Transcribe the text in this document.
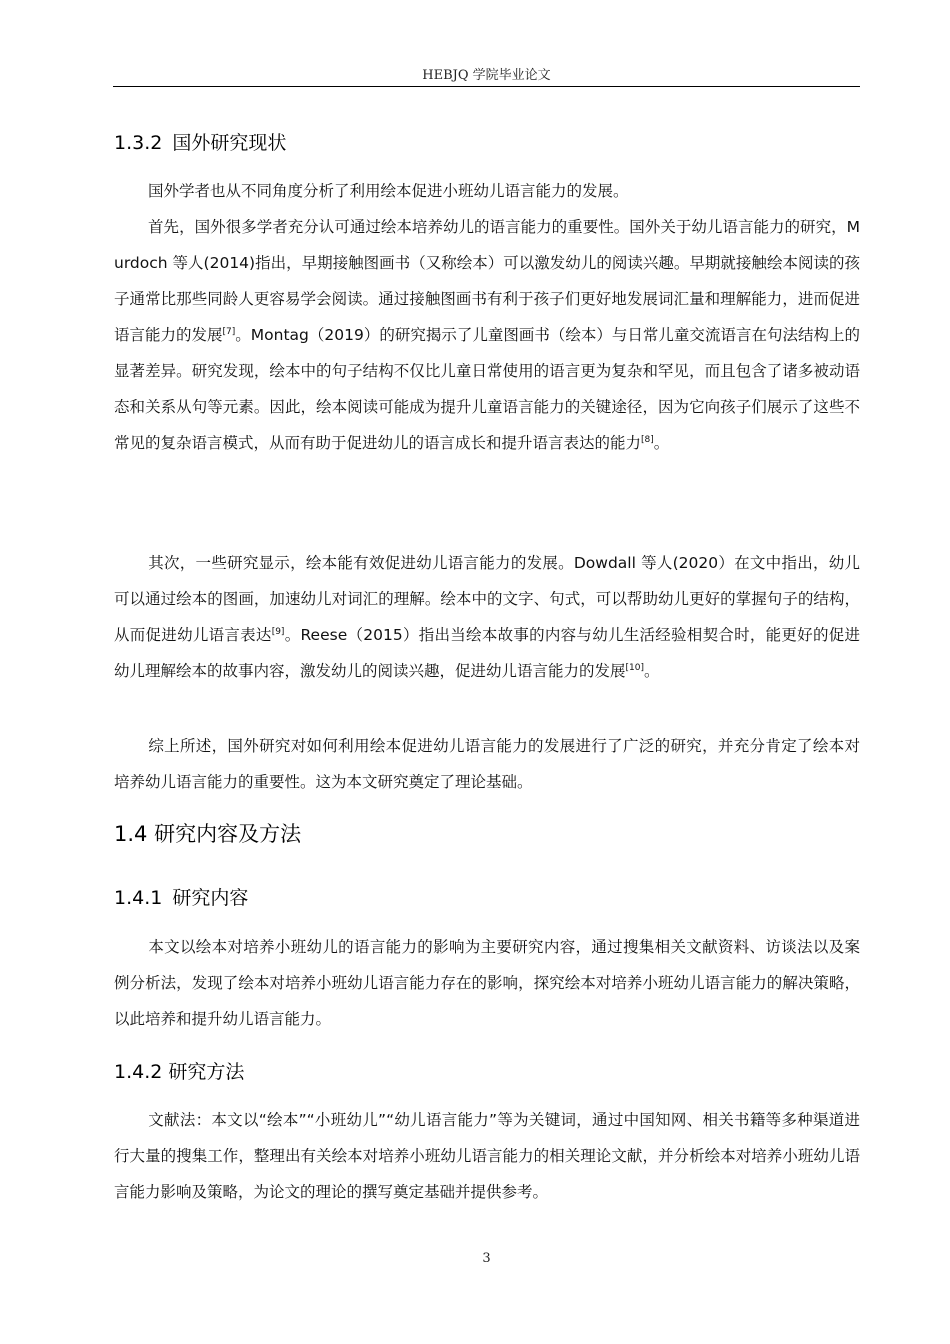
HEBJQ 学院毕业论文
1.3.2 国外研究现状
国外学者也从不同角度分析了利用绘本促进小班幼儿语言能力的发展。
首先，国外很多学者充分认可通过绘本培养幼儿的语言能力的重要性。国外关于幼儿语言能力的研究，Murdoch 等人(2014)指出，早期接触图画书（又称绘本）可以激发幼儿的阅读兴趣。早期就接触绘本阅读的孩子通常比那些同龄人更容易学会阅读。通过接触图画书有利于孩子们更好地发展词汇量和理解能力，进而促进语言能力的发展[7]。Montag（2019）的研究揭示了儿童图画书（绘本）与日常儿童交流语言在句法结构上的显著差异。研究发现，绘本中的句子结构不仅比儿童日常使用的语言更为复杂和罕见，而且包含了诸多被动语态和关系从句等元素。因此，绘本阅读可能成为提升儿童语言能力的关键途径，因为它向孩子们展示了这些不常见的复杂语言模式，从而有助于促进幼儿的语言成长和提升语言表达的能力[8]。
其次，一些研究显示，绘本能有效促进幼儿语言能力的发展。Dowdall 等人(2020）在文中指出，幼儿可以通过绘本的图画，加速幼儿对词汇的理解。绘本中的文字、句式，可以帮助幼儿更好的掌握句子的结构，从而促进幼儿语言表达[9]。Reese（2015）指出当绘本故事的内容与幼儿生活经验相契合时，能更好的促进幼儿理解绘本的故事内容，激发幼儿的阅读兴趣，促进幼儿语言能力的发展[10]。
综上所述，国外研究对如何利用绘本促进幼儿语言能力的发展进行了广泛的研究，并充分肯定了绘本对培养幼儿语言能力的重要性。这为本文研究奠定了理论基础。
1.4 研究内容及方法
1.4.1 研究内容
本文以绘本对培养小班幼儿的语言能力的影响为主要研究内容，通过搜集相关文献资料、访谈法以及案例分析法，发现了绘本对培养小班幼儿语言能力存在的影响，探究绘本对培养小班幼儿语言能力的解决策略，以此培养和提升幼儿语言能力。
1.4.2 研究方法
文献法：本文以“绘本”“小班幼儿”“幼儿语言能力”等为关键词，通过中国知网、相关书籍等多种渠道进行大量的搜集工作，整理出有关绘本对培养小班幼儿语言能力的相关理论文献，并分析绘本对培养小班幼儿语言能力影响及策略，为论文的理论的撰写奠定基础并提供参考。
3
